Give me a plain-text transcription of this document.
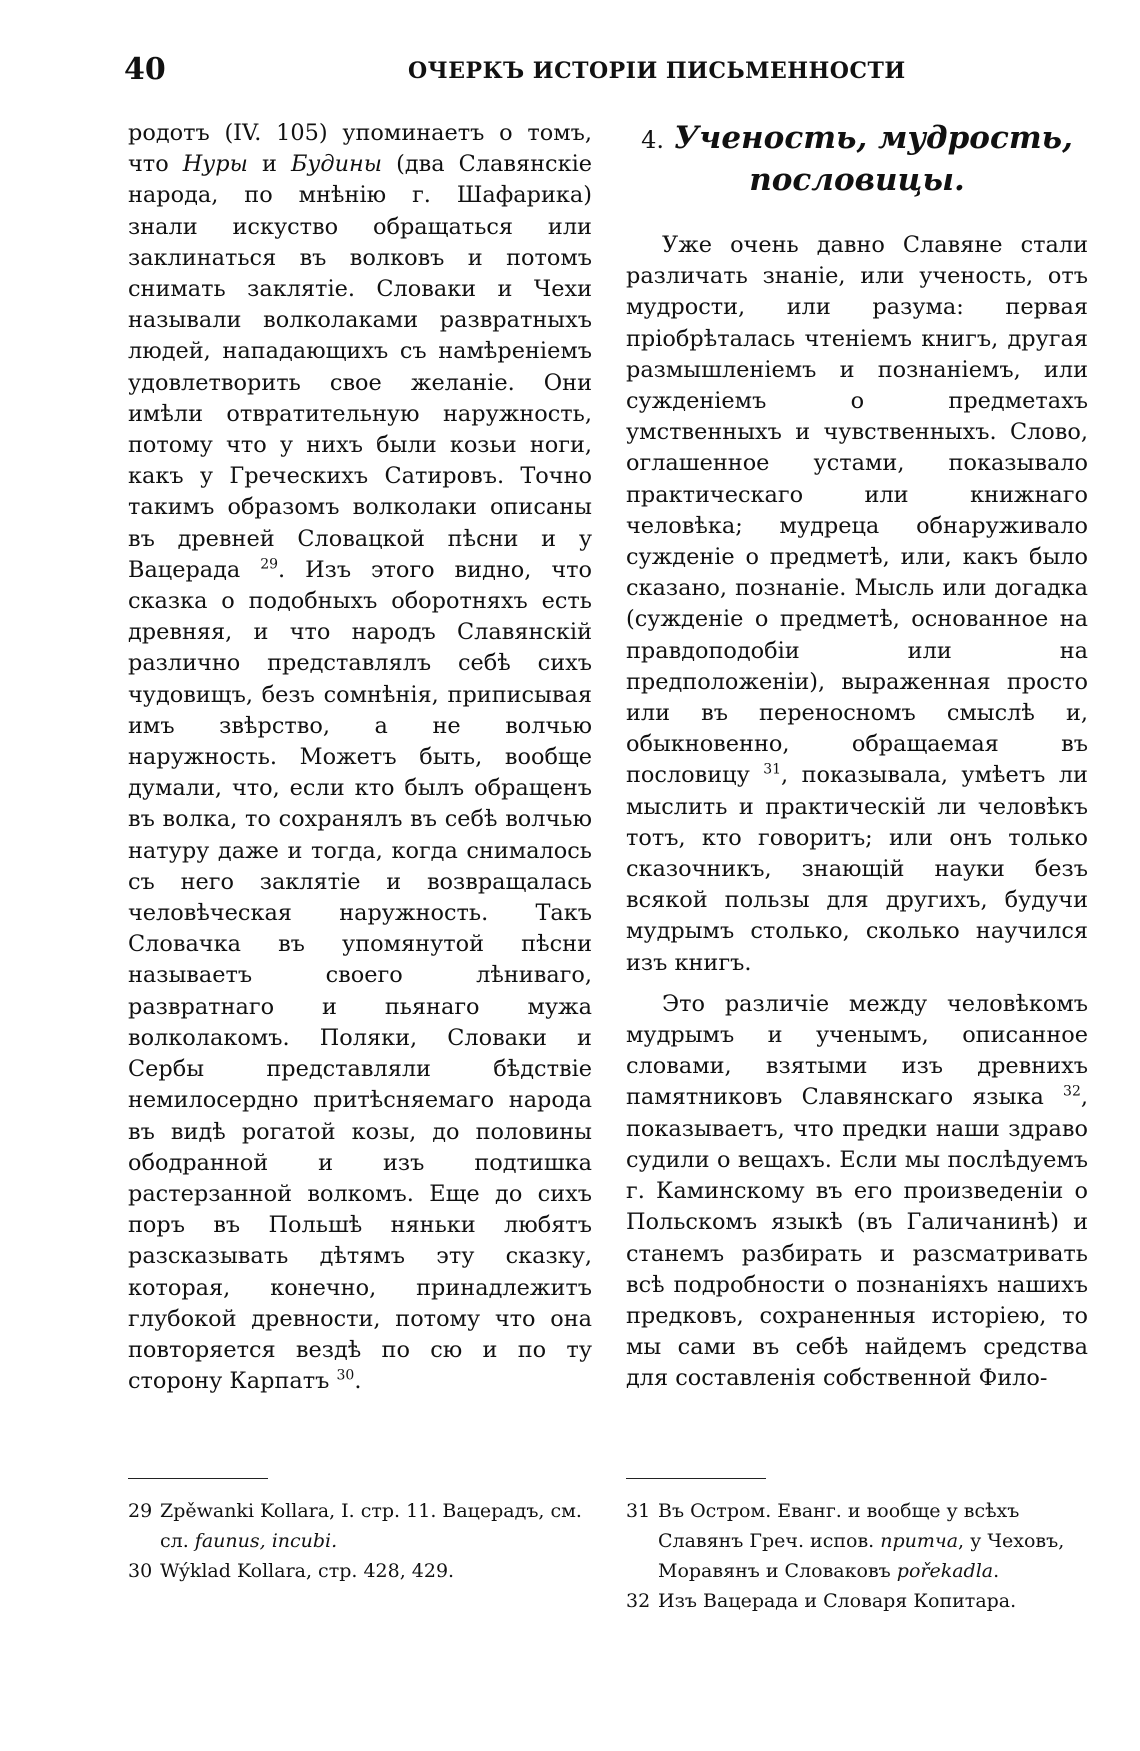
40	ОЧЕРКЪ ИСТОРІИ ПИСЬМЕННОСТИ

родотъ (IV. 105) упоминаетъ о томъ, что Нуры и Будины (два Славянскіе народа, по мнѣнію г. Шафарика) знали искуство обращаться или заклинаться въ волковъ и потомъ снимать заклятіе. Словаки и Чехи называли волколаками развратныхъ людей, нападающихъ съ намѣреніемъ удовлетворить свое желаніе. Они имѣли отвратительную наружность, потому что у нихъ были козьи ноги, какъ у Греческихъ Сатировъ. Точно такимъ образомъ волколаки описаны въ древней Словацкой пѣсни и у Вацерада $^{29}$. Изъ этого видно, что сказка о подобныхъ оборотняхъ есть древняя, и что народъ Славянскій различно представлялъ себѣ сихъ чудовищъ, безъ сомнѣнія, приписывая имъ звѣрство, а не волчью наружность. Можетъ быть, вообще думали, что, если кто былъ обращенъ въ волка, то сохранялъ въ себѣ волчью натуру даже и тогда, когда снималось съ него заклятіе и возвращалась человѣческая наружность. Такъ Словачка въ упомянутой пѣсни называетъ своего лѣниваго, развратнаго и пьянаго мужа волколакомъ. Поляки, Словаки и Сербы представляли бѣдствіе немилосердно притѣсняемаго народа въ видѣ рогатой козы, до половины ободранной и изъ подтишка растерзанной волкомъ. Еще до сихъ поръ въ Польшѣ няньки любятъ разсказывать дѣтямъ эту сказку, которая, конечно, принадлежитъ глубокой древности, потому что она повторяется вездѣ по сю и по ту сторону Карпатъ $^{30}$.

4. Ученость, мудрость, пословицы.

Уже очень давно Славяне стали различать знаніе, или ученость, отъ мудрости, или разума: первая пріобрѣталась чтеніемъ книгъ, другая размышленіемъ и познаніемъ, или сужденіемъ о предметахъ умственныхъ и чувственныхъ. Слово, оглашенное устами, показывало практическаго или книжнаго человѣка; мудреца обнаруживало сужденіе о предметѣ, или, какъ было сказано, познаніе. Мысль или догадка (сужденіе о предметѣ, основанное на правдоподобіи или на предположеніи), выраженная просто или въ переносномъ смыслѣ и, обыкновенно, обращаемая въ пословицу $^{31}$, показывала, умѣетъ ли мыслить и практическій ли человѣкъ тотъ, кто говоритъ; или онъ только сказочникъ, знающій науки безъ всякой пользы для другихъ, будучи мудрымъ столько, сколько научился изъ книгъ.

Это различіе между человѣкомъ мудрымъ и ученымъ, описанное словами, взятыми изъ древнихъ памятниковъ Славянскаго языка $^{32}$, показываетъ, что предки наши здраво судили о вещахъ. Если мы послѣдуемъ г. Каминскому въ его произведеніи о Польскомъ языкѣ (въ Галичанинѣ) и станемъ разбирать и разсматривать всѣ подробности о познаніяхъ нашихъ предковъ, сохраненныя исторіею, то мы сами въ себѣ найдемъ средства для составленія собственной Фило-

29 Zpěwanki Kollara, I. стр. 11. Вацерадъ, см. сл. faunus, incubi.

30 Wýklad Kollara, стр. 428, 429.

31 Въ Остром. Еванг. и вообще у всѣхъ Славянъ Греч. испов. притча, у Чеховъ, Моравянъ и Словаковъ pořekadla.

32 Изъ Вацерада и Словаря Копитара.
